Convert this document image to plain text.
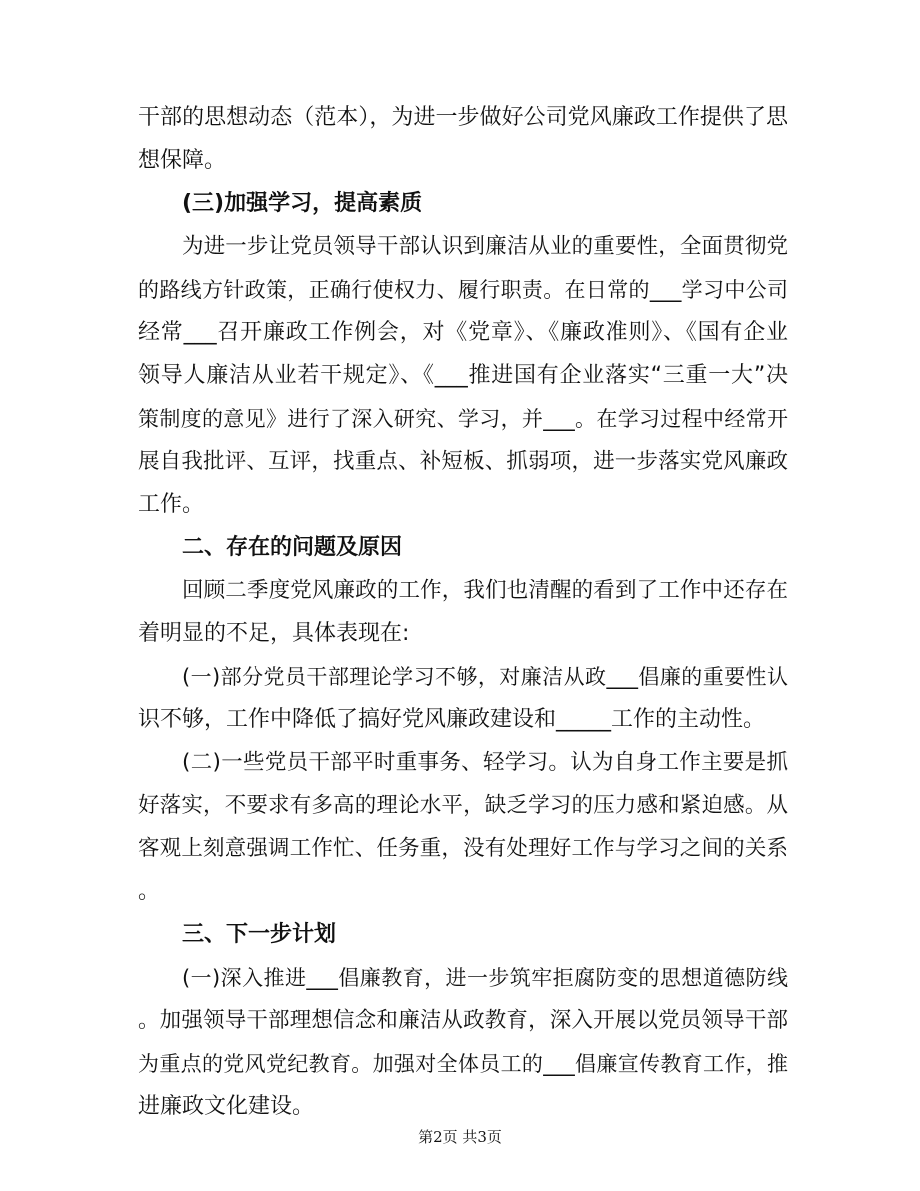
干部的思想动态（范本），为进一步做好公司党风廉政工作提供了思
想保障。
(三)加强学习，提高素质
为进一步让党员领导干部认识到廉洁从业的重要性，全面贯彻党
的路线方针政策，正确行使权力、履行职责。在日常的___学习中公司
经常___召开廉政工作例会，对《党章》、《廉政准则》、《国有企业
领导人廉洁从业若干规定》、《___推进国有企业落实“三重一大”决
策制度的意见》进行了深入研究、学习，并___。在学习过程中经常开
展自我批评、互评，找重点、补短板、抓弱项，进一步落实党风廉政
工作。
二、存在的问题及原因
回顾二季度党风廉政的工作，我们也清醒的看到了工作中还存在
着明显的不足，具体表现在:
(一)部分党员干部理论学习不够，对廉洁从政___倡廉的重要性认
识不够，工作中降低了搞好党风廉政建设和_____工作的主动性。
(二)一些党员干部平时重事务、轻学习。认为自身工作主要是抓
好落实，不要求有多高的理论水平，缺乏学习的压力感和紧迫感。从
客观上刻意强调工作忙、任务重，没有处理好工作与学习之间的关系
。
三、下一步计划
(一)深入推进___倡廉教育，进一步筑牢拒腐防变的思想道德防线
。加强领导干部理想信念和廉洁从政教育，深入开展以党员领导干部
为重点的党风党纪教育。加强对全体员工的___倡廉宣传教育工作，推
进廉政文化建设。
第2页 共3页
